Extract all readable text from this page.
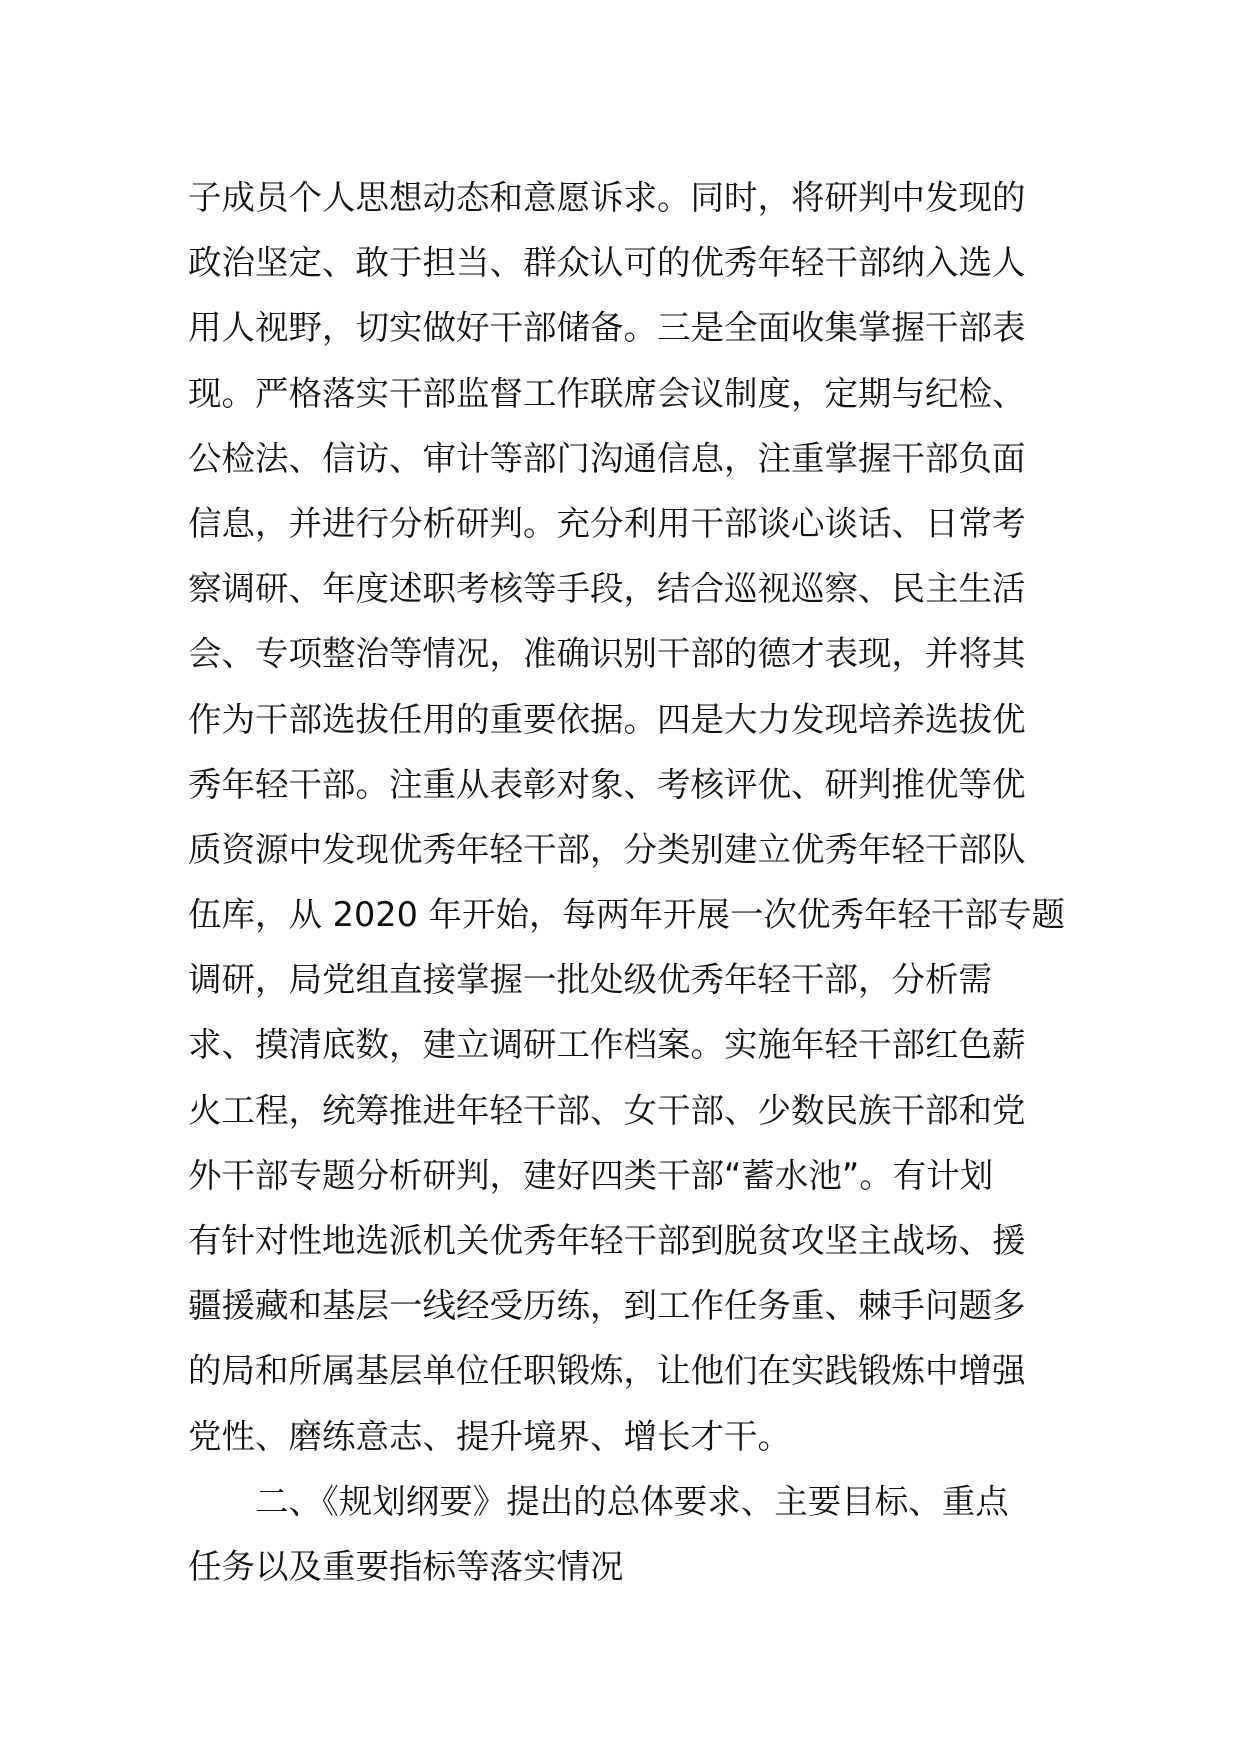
子成员个人思想动态和意愿诉求。同时，将研判中发现的
政治坚定、敢于担当、群众认可的优秀年轻干部纳入选人
用人视野，切实做好干部储备。三是全面收集掌握干部表
现。严格落实干部监督工作联席会议制度，定期与纪检、
公检法、信访、审计等部门沟通信息，注重掌握干部负面
信息，并进行分析研判。充分利用干部谈心谈话、日常考
察调研、年度述职考核等手段，结合巡视巡察、民主生活
会、专项整治等情况，准确识别干部的德才表现，并将其
作为干部选拔任用的重要依据。四是大力发现培养选拔优
秀年轻干部。注重从表彰对象、考核评优、研判推优等优
质资源中发现优秀年轻干部，分类别建立优秀年轻干部队
伍库，从 2020 年开始，每两年开展一次优秀年轻干部专题
调研，局党组直接掌握一批处级优秀年轻干部，分析需
求、摸清底数，建立调研工作档案。实施年轻干部红色薪
火工程，统筹推进年轻干部、女干部、少数民族干部和党
外干部专题分析研判，建好四类干部“蓄水池”。有计划
有针对性地选派机关优秀年轻干部到脱贫攻坚主战场、援
疆援藏和基层一线经受历练，到工作任务重、棘手问题多
的局和所属基层单位任职锻炼，让他们在实践锻炼中增强
党性、磨练意志、提升境界、增长才干。
二、《规划纲要》提出的总体要求、主要目标、重点
任务以及重要指标等落实情况
